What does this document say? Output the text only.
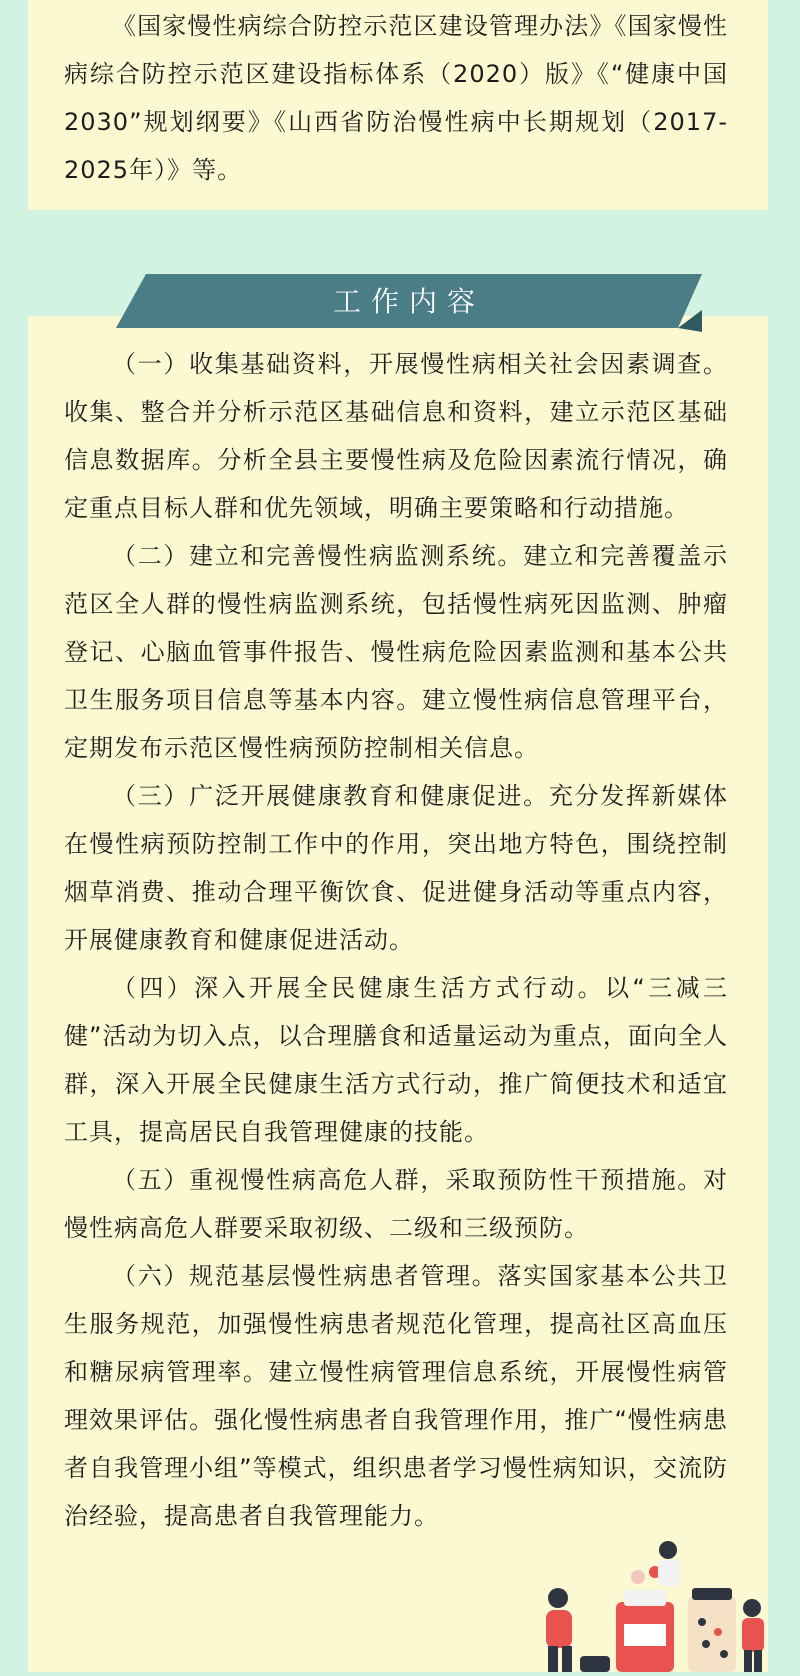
《国家慢性病综合防控示范区建设管理办法》《国家慢性病综合防控示范区建设指标体系（2020）版》《“健康中国2030”规划纲要》《山西省防治慢性病中长期规划（2017-2025年）》等。

（一）收集基础资料，开展慢性病相关社会因素调查。收集、整合并分析示范区基础信息和资料，建立示范区基础信息数据库。分析全县主要慢性病及危险因素流行情况，确定重点目标人群和优先领域，明确主要策略和行动措施。

（二）建立和完善慢性病监测系统。建立和完善覆盖示范区全人群的慢性病监测系统，包括慢性病死因监测、肿瘤登记、心脑血管事件报告、慢性病危险因素监测和基本公共卫生服务项目信息等基本内容。建立慢性病信息管理平台，定期发布示范区慢性病预防控制相关信息。

（三）广泛开展健康教育和健康促进。充分发挥新媒体在慢性病预防控制工作中的作用，突出地方特色，围绕控制烟草消费、推动合理平衡饮食、促进健身活动等重点内容，开展健康教育和健康促进活动。

（四）深入开展全民健康生活方式行动。以“三减三健”活动为切入点，以合理膳食和适量运动为重点，面向全人群，深入开展全民健康生活方式行动，推广简便技术和适宜工具，提高居民自我管理健康的技能。

（五）重视慢性病高危人群，采取预防性干预措施。对慢性病高危人群要采取初级、二级和三级预防。

（六）规范基层慢性病患者管理。落实国家基本公共卫生服务规范，加强慢性病患者规范化管理，提高社区高血压和糖尿病管理率。建立慢性病管理信息系统，开展慢性病管理效果评估。强化慢性病患者自我管理作用，推广“慢性病患者自我管理小组”等模式，组织患者学习慢性病知识，交流防治经验，提高患者自我管理能力。

工作内容
